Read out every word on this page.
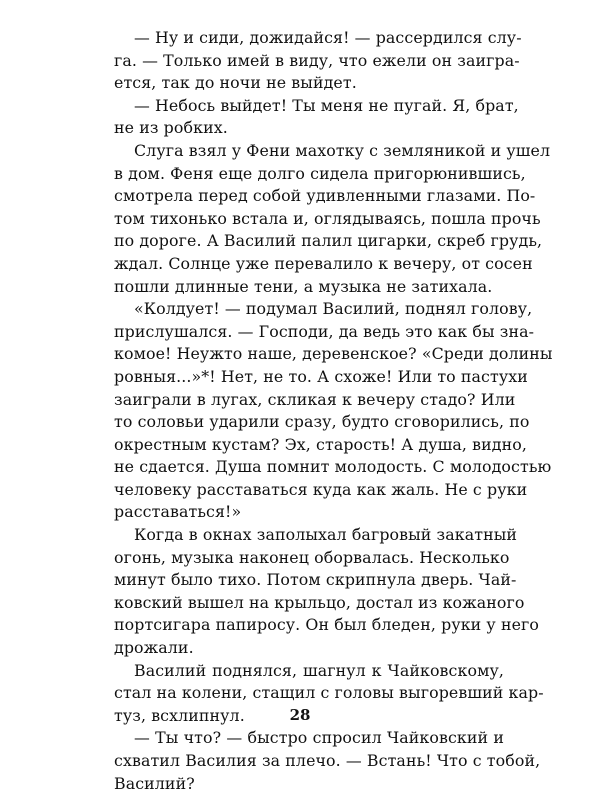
— Ну и сиди, дожидайся! — рассердился слу-
га. — Только имей в виду, что ежели он заигра-
ется, так до ночи не выйдет.
— Небось выйдет! Ты меня не пугай. Я, брат,
не из робких.
Слуга взял у Фени махотку с земляникой и ушел
в дом. Феня еще долго сидела пригорюнившись,
смотрела перед собой удивленными глазами. По-
том тихонько встала и, оглядываясь, пошла прочь
по дороге. А Василий палил цигарки, скреб грудь,
ждал. Солнце уже перевалило к вечеру, от сосен
пошли длинные тени, а музыка не затихала.
«Колдует! — подумал Василий, поднял голову,
прислушался. — Господи, да ведь это как бы зна-
комое! Неужто наше, деревенское? «Среди долины
ровныя...»*! Нет, не то. А схоже! Или то пастухи
заиграли в лугах, скликая к вечеру стадо? Или
то соловьи ударили сразу, будто сговорились, по
окрестным кустам? Эх, старость! А душа, видно,
не сдается. Душа помнит молодость. С молодостью
человеку расставаться куда как жаль. Не с руки
расставаться!»
Когда в окнах заполыхал багровый закатный
огонь, музыка наконец оборвалась. Несколько
минут было тихо. Потом скрипнула дверь. Чай-
ковский вышел на крыльцо, достал из кожаного
портсигара папиросу. Он был бледен, руки у него
дрожали.
Василий поднялся, шагнул к Чайковскому,
стал на колени, стащил с головы выгоревший кар-
туз, всхлипнул.
— Ты что? — быстро спросил Чайковский и
схватил Василия за плечо. — Встань! Что с тобой,
Василий?
28
